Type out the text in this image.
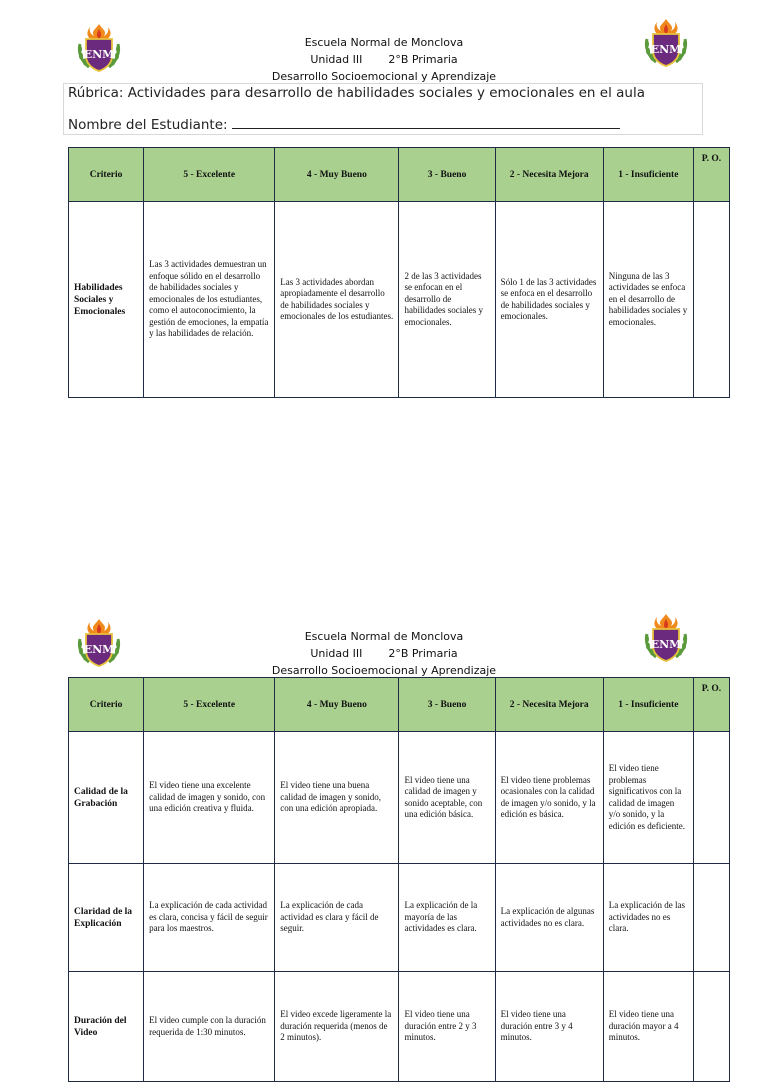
ENM	ENM
Escuela Normal de Monclova
Unidad III 2°B Primaria
Desarrollo Socioemocional y Aprendizaje
Rúbrica: Actividades para desarrollo de habilidades sociales y emocionales en el aula
Nombre del Estudiante:
Criterio	5 - Excelente	4 - Muy Bueno	3 - Bueno	2 - Necesita Mejora	1 - Insuficiente	P. O.
Habilidades Sociales y Emocionales	Las 3 actividades demuestran un enfoque sólido en el desarrollo de habilidades sociales y emocionales de los estudiantes, como el autoconocimiento, la gestión de emociones, la empatía y las habilidades de relación.	Las 3 actividades abordan apropiadamente el desarrollo de habilidades sociales y emocionales de los estudiantes.	2 de las 3 actividades se enfocan en el desarrollo de habilidades sociales y emocionales.	Sólo 1 de las 3 actividades se enfoca en el desarrollo de habilidades sociales y emocionales.	Ninguna de las 3 actividades se enfoca en el desarrollo de habilidades sociales y emocionales.	
ENM	ENM
Escuela Normal de Monclova
Unidad III 2°B Primaria
Desarrollo Socioemocional y Aprendizaje
Criterio	5 - Excelente	4 - Muy Bueno	3 - Bueno	2 - Necesita Mejora	1 - Insuficiente	P. O.
Calidad de la Grabación	El video tiene una excelente calidad de imagen y sonido, con una edición creativa y fluida.	El video tiene una buena calidad de imagen y sonido, con una edición apropiada.	El video tiene una calidad de imagen y sonido aceptable, con una edición básica.	El video tiene problemas ocasionales con la calidad de imagen y/o sonido, y la edición es básica.	El video tiene problemas significativos con la calidad de imagen y/o sonido, y la edición es deficiente.	
Claridad de la Explicación	La explicación de cada actividad es clara, concisa y fácil de seguir para los maestros.	La explicación de cada actividad es clara y fácil de seguir.	La explicación de la mayoría de las actividades es clara.	La explicación de algunas actividades no es clara.	La explicación de las actividades no es clara.	
Duración del Video	El video cumple con la duración requerida de 1:30 minutos.	El video excede ligeramente la duración requerida (menos de 2 minutos).	El video tiene una duración entre 2 y 3 minutos.	El video tiene una duración entre 3 y 4 minutos.	El video tiene una duración mayor a 4 minutos.	
